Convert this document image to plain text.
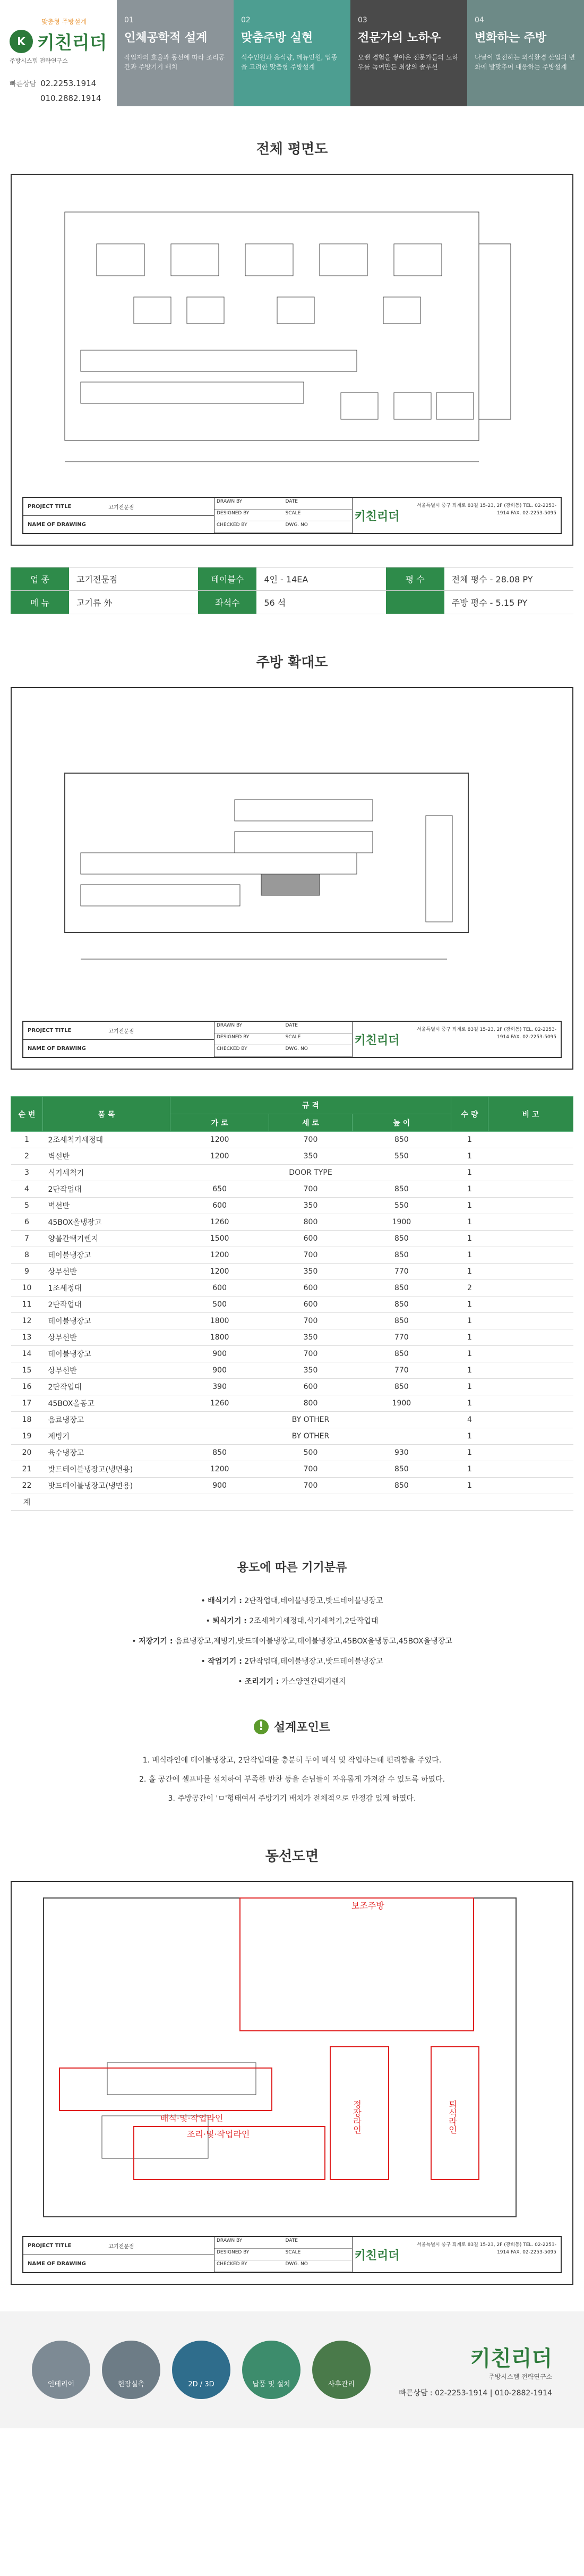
맞춤형 주방설계
K 키친리더
주방시스템 전략연구소
빠른상담 02.2253.1914
010.2882.1914
01
인체공학적 설계
작업자의 효율과 동선에 따라 조리공간과 주방기기 배치
02
맞춤주방 실현
식수인원과 음식량, 메뉴인원, 업종을 고려한 맞춤형 주방설계
03
전문가의 노하우
오랜 경험을 쌓아온 전문가들의 노하우를 녹여만든 최상의 솔루션
04
변화하는 주방
나날이 발전하는 외식환경 산업의 변화에 발맞추어 대응하는 주방설계
전체 평면도
PROJECT TITLE	고기전문점
NAME OF DRAWING
DRAWN BY	DATE
DESIGNED BY	SCALE
CHECKED BY	DWG. NO
키친리더
서울특별시 중구 퇴계로 83길 15-23, 2F (광희동) TEL. 02-2253-1914 FAX. 02-2253-5095
업 종	고기전문점	테이블수	4인 - 14EA	평 수	전체 평수 - 28.08 PY
메 뉴	고기류 外	좌석수	56 석	주방 평수 - 5.15 PY
주방 확대도
PROJECT TITLE	고기전문점
NAME OF DRAWING
DRAWN BY	DATE
DESIGNED BY	SCALE
CHECKED BY	DWG. NO
키친리더
서울특별시 중구 퇴계로 83길 15-23, 2F (광희동) TEL. 02-2253-1914 FAX. 02-2253-5095
순 번	품 목	규 격			수 량	비 고
		가 로	세 로	높 이		
1	2조세척기세정대	1200	700	850	1	
2	벽선반	1200	350	550	1	
3	식기세척기	DOOR TYPE			1	
4	2단작업대	650	700	850	1	
5	벽선반	600	350	550	1	
6	45BOX올냉장고	1260	800	1900	1	
7	양불간택기렌지	1500	600	850	1	
8	테이블냉장고	1200	700	850	1	
9	상부선반	1200	350	770	1	
10	1조세정대	600	600	850	2	
11	2단작업대	500	600	850	1	
12	테이블냉장고	1800	700	850	1	
13	상부선반	1800	350	770	1	
14	테이블냉장고	900	700	850	1	
15	상부선반	900	350	770	1	
16	2단작업대	390	600	850	1	
17	45BOX올동고	1260	800	1900	1	
18	음료냉장고	BY OTHER			4	
19	제빙기	BY OTHER			1	
20	육수냉장고	850	500	930	1	
21	밧드테이블냉장고(냉면용)	1200	700	850	1	
22	밧드테이블냉장고(냉면용)	900	700	850	1	
계						
용도에 따른 기기분류

• 배식기기 : 2단작업대,테이블냉장고,밧드테이블냉장고

• 퇴식기기 : 2조세척기세정대,식기세척기,2단작업대

• 저장기기 : 음료냉장고,제빙기,밧드테이블냉장고,테이블냉장고,45BOX올냉동고,45BOX올냉장고

• 작업기기 : 2단작업대,테이블냉장고,밧드테이블냉장고

• 조리기기 : 가스양열간택기렌지

! 설계포인트

1. 배식라인에 테이블냉장고, 2단작업대를 충분히 두어 배식 및 작업하는데 편리함을 주었다.

2. 홀 공간에 셀프바를 설치하여 부족한 반찬 등을 손님들이 자유롭게 가져갈 수 있도록 하였다.

3. 주방공간이 'ㅁ'형태여서 주방기기 배치가 전체적으로 안정감 있게 하였다.

동선도면
보조주방
배식·및·작업라인
조리·및·작업라인
정장라인	퇴식라인
PROJECT TITLE	고기전문점
NAME OF DRAWING
DRAWN BY	DATE
DESIGNED BY	SCALE
CHECKED BY	DWG. NO
키친리더
서울특별시 중구 퇴계로 83길 15-23, 2F (광희동) TEL. 02-2253-1914 FAX. 02-2253-5095
인테리어	현장실측	2D / 3D	납품 및 설치	사후관리
키친리더
주방시스템 전략연구소
빠른상담 : 02-2253-1914 | 010-2882-1914
